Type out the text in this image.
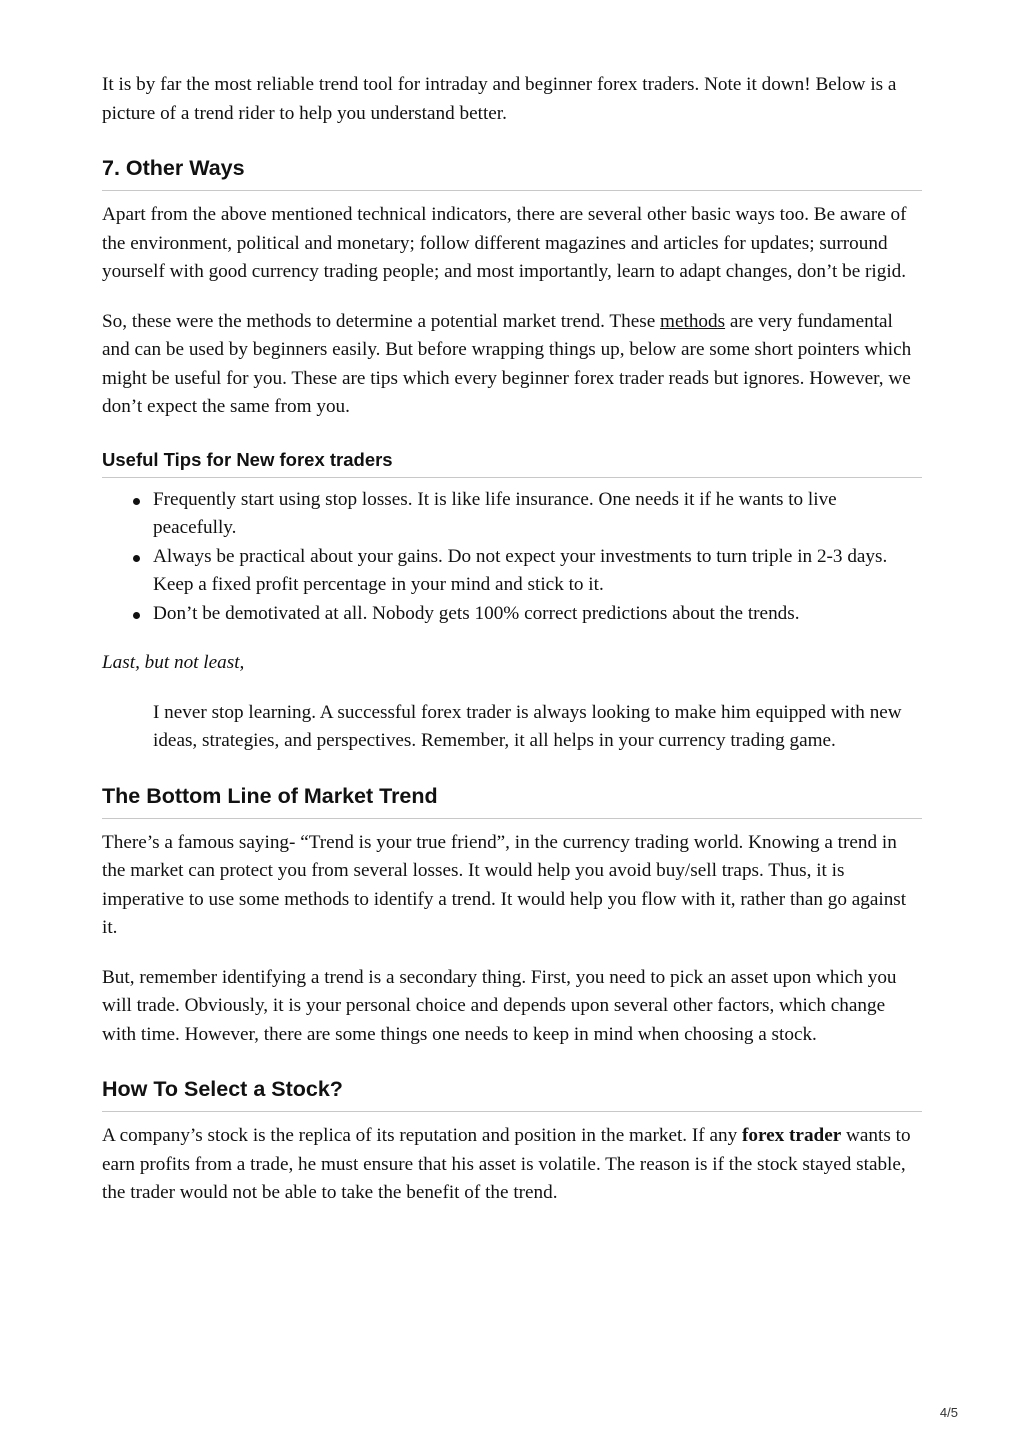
It is by far the most reliable trend tool for intraday and beginner forex traders. Note it down! Below is a picture of a trend rider to help you understand better.

7. Other Ways

Apart from the above mentioned technical indicators, there are several other basic ways too. Be aware of the environment, political and monetary; follow different magazines and articles for updates; surround yourself with good currency trading people; and most importantly, learn to adapt changes, don’t be rigid.

So, these were the methods to determine a potential market trend. These methods are very fundamental and can be used by beginners easily. But before wrapping things up, below are some short pointers which might be useful for you. These are tips which every beginner forex trader reads but ignores. However, we don’t expect the same from you.

Useful Tips for New forex traders
Frequently start using stop losses. It is like life insurance. One needs it if he wants to live peacefully.
Always be practical about your gains. Do not expect your investments to turn triple in 2-3 days. Keep a fixed profit percentage in your mind and stick to it.
Don’t be demotivated at all. Nobody gets 100% correct predictions about the trends.

Last, but not least,

I never stop learning. A successful forex trader is always looking to make him equipped with new ideas, strategies, and perspectives. Remember, it all helps in your currency trading game.
The Bottom Line of Market Trend

There’s a famous saying- “Trend is your true friend”, in the currency trading world. Knowing a trend in the market can protect you from several losses. It would help you avoid buy/sell traps. Thus, it is imperative to use some methods to identify a trend. It would help you flow with it, rather than go against it.

But, remember identifying a trend is a secondary thing. First, you need to pick an asset upon which you will trade. Obviously, it is your personal choice and depends upon several other factors, which change with time. However, there are some things one needs to keep in mind when choosing a stock.

How To Select a Stock?

A company’s stock is the replica of its reputation and position in the market. If any forex trader wants to earn profits from a trade, he must ensure that his asset is volatile. The reason is if the stock stayed stable, the trader would not be able to take the benefit of the trend.

4/5
